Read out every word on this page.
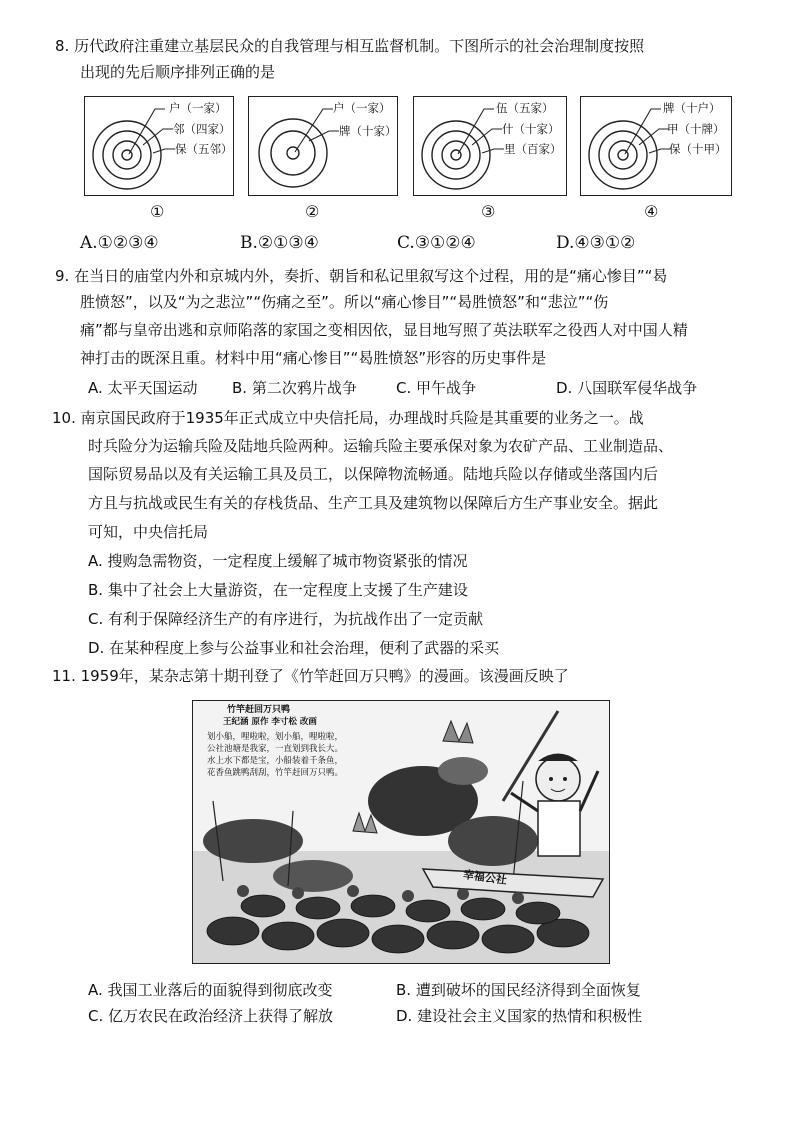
8. 历代政府注重建立基层民众的自我管理与相互监督机制。下图所示的社会治理制度按照
出现的先后顺序排列正确的是
户（一家）
邻（四家）
保（五邻）
①
户（一家）
牌（十家）
②
伍（五家）
什（十家）
里（百家）
③
牌（十户）
甲（十牌）
保（十甲）
④
A.①②③④	B.②①③④	C.③①②④	D.④③①②
9. 在当日的庙堂内外和京城内外，奏折、朝旨和私记里叙写这个过程，用的是“痛心惨目”“曷
胜愤怒”，以及“为之悲泣”“伤痛之至”。所以“痛心惨目”“曷胜愤怒”和“悲泣”“伤
痛”都与皇帝出逃和京师陷落的家国之变相因依，显目地写照了英法联军之役西人对中国人精
神打击的既深且重。材料中用“痛心惨目”“曷胜愤怒”形容的历史事件是
A. 太平天国运动 B. 第二次鸦片战争	C. 甲午战争	D. 八国联军侵华战争
10. 南京国民政府于1935年正式成立中央信托局，办理战时兵险是其重要的业务之一。战
时兵险分为运输兵险及陆地兵险两种。运输兵险主要承保对象为农矿产品、工业制造品、
国际贸易品以及有关运输工具及员工，以保障物流畅通。陆地兵险以存储或坐落国内后
方且与抗战或民生有关的存栈货品、生产工具及建筑物以保障后方生产事业安全。据此
可知，中央信托局
A. 搜购急需物资，一定程度上缓解了城市物资紧张的情况
B. 集中了社会上大量游资，在一定程度上支援了生产建设
C. 有利于保障经济生产的有序进行，为抗战作出了一定贡献
D. 在某种程度上参与公益事业和社会治理，便利了武器的采买
11. 1959年，某杂志第十期刊登了《竹竿赶回万只鸭》的漫画。该漫画反映了
竹竿赶回万只鸭
王纪涵 原作 李寸松 改画
划小船，哩啦啦，划小船，哩啦啦，
公社池塘是我家，一直划到我长大。
水上水下都是宝，小船装着千条鱼，
花香鱼跳鸭刮刮，竹竿赶回万只鸭。
幸福公社
A. 我国工业落后的面貌得到彻底改变	B. 遭到破坏的国民经济得到全面恢复
C. 亿万农民在政治经济上获得了解放	D. 建设社会主义国家的热情和积极性
